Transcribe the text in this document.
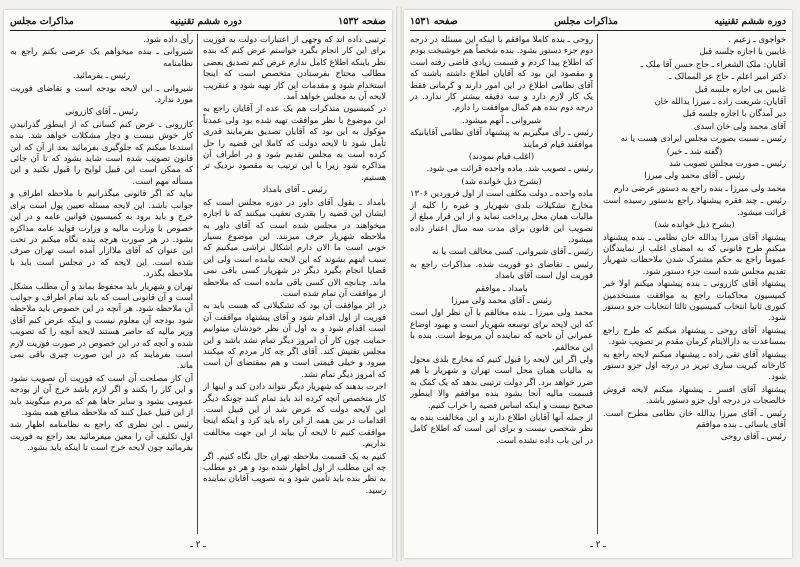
صفحه ۱۵۳۲
دوره ششم تقنینیه
مذاکرات مجلس

ترتیبی داده اند که وجهی از اعتبارات دولت به فوریت برای این کار انجام بگیرد خواستم عرض کنم که بنده نظر باینکه اطلاع کامل ندارم عرض کنم تصدیق بعضی مطالب محتاج بفرستادن متخصص است که اینجا استخدام شود و مقدمات این کار تهیه شود و عنقریب لایحه آن به مجلس خواهد آمد.

در کمیسیون متذکرات هم یک عده از آقایان راجع به این موضوع با نظر موافقت تهیه شده بود ولی عمدتاً موکول به این بود که آقایان تصدیق بفرمایند قدری تأمل شود تا لایحه دولت که کاملا این قضیه را حل کرده است به مجلس تقدیم شود و در اطراف آن مذاکره شود زیرا با این ترتیب به مقصود نزدیک تر هستیم.

رئیس ـ آقای بامداد

بامداد ـ بقول آقای داور در دوره مجلس است که ایشان این قضیه را بقدری تعقیب میکنند که تا اجازه میخواهند در مجلس شده است که آقای داور به ملاحظه شهریار حرف میزنند. این موضوع بسیار خوبی است ما الان دارم اشکال تراشی میکنیم که سبب اینهم بشوند که این لایحه نیامده است ولی این قضایا انجام بگیرد دیگر در شهریار کسی باقی نمی ماند. چنانچه الان کسی باقی مانده است که ملاحظه از موافقت آن تمام شده است.

در اثر موافقت آن بود که تشکیلاتی که هست باید به فوریت از اول اقدام شود و آقای پیشنهاد موافقت آن است اقدام شود و به اول آن نظر خودشان میتوانیم حمایت چون کار آن امروز دیگر تمام نشد باشد و این مجلس تفتیش کند. آقای اگر چه کار مردم که میکنند میرود و خیلی قیمتی است و هم بمقتضای آن است که امروز دیگر تمام نشد.

اجرت بدهند که شهریار دیگر نتواند دادن کند و اینها از کار متخصص آنچه کرده اند باید تمام کنند چونکه دیگر این لایحه دولت که عرض شد از این قبیل است. اقدامات در بین همه از این راه باید کرد و اینکه اینجا موافقت کنیم تا لایحه آن بیاید از این جهت مخالفت نداریم.

کنیم به یک قسمت ملاحظه تهران حال نگاه کنیم. اگر چه این مطلب از اول اظهار شده بود و هر دو مطلب به نظر بنده باید تأمین شود و به تصویب آقایان نماینده رسید.

رأی داده شود.

شیروانی ـ بنده میخواهم یک عرضی بکنم راجع به نظامنامه

رئیس ـ بفرمائید.

شیروانی ـ این لایحه بودجه است و تقاضای فوریت مورد ندارد.

رئیس ـ آقای کازرونی

کازرونی ـ عرض کنم کسانی که از اینطور گذرانیدن کار خوش نیست و دچار مشکلات خواهد شد. بنده استدعا میکنم که جلوگیری بفرمائید بعد از آن که این قانون تصویب شده است شاید بشود که تا آن جائی که ممکن است این قبیل لوایح را قبول نکنید و این مسأله مهم است.

نباید که اگر قانونی میگذرانیم با ملاحظه اطراف و جوانب باشد. این لایحه مسئله تعیین پول است برای خرج و باید برود به کمیسیون قوانین عامه و در این خصوص با وزارت مالیه و وزارت فواید عامه مذاکره بشود. در هر صورت هرچه بنده نگاه میکنم در تحت این عنوان که آقای ملاازار آمده است تهران صرف شده است. این لایحه که در مجلس است باید با ملاحظه بگذرد.

تهران و شهریار باید محفوظ بماند و آن مطلب مشکل است و آن قانونی است که باید تمام اطراف و جوانب آن ملاحظه شود. هر آنچه در این خصوص باید ملاحظه شود بودجه آن معلوم نیست و اینکه عرض کنم آقای وزیر مالیه که حاضر هستند لایحه آنچه را که تصویب شده و آنچه که در این خصوص در صورت فوریت لازم است بفرمایند که در این صورت چیزی باقی نمی ماند.

آن کار مصلحت آن است که فوریت آن تصویب نشود و این کار را بکنند و اگر لازم باشد خرج آن از بودجه عمومی بشود و سایر جاها هم که مردم میگویند باید از این قبیل عمل کنند که ملاحظه منافع همه بشود.

رئیس ـ این نظری که راجع به نظامنامه اظهار شد اول تکلیف آن را معین میفرمائید بعد راجع به فوریت بفرمائید چون لایحه خرج است تا اینکه باید بشود.

ـ ۲ ـ
دوره ششم تقنینیه
مذاکرات مجلس
صفحه ۱۵۳۱

خواجوی ـ زعیم .

غایبین با اجازه جلسه قبل

آقایان: ملک الشعراء ـ حاج حسن آقا ملک ـ

دکتر امیر اعلم ـ حاج عز الممالک ـ

غایبین بی اجازه جلسه قبل

آقایان: شریعت زاده ـ میرزا یدالله خان

دیر آمدگان با اجازه جلسه قبل

آقای محمد ولی خان اسدی

رئیس ـ نسبت بصورت مجلس ایرادی هست یا نه

(گفته شد ـ خیر)

رئیس ـ صورت مجلس تصویب شد

رئیس ـ آقای محمد ولی میرزا

محمد ولی میرزا ـ بنده راجع به دستور عرضی دارم

رئیس ـ چند فقره پیشنهاد راجع بدستور رسیده است قرائت میشود.

(بشرح ذیل خوانده شد)

پیشنهاد آقای میرزا یدالله خان نظامی ـ بنده پیشنهاد میکنم طرح قانونی که به امضای اغلب از نمایندگان عموماً راجع به حکم مشترک شدن ملاحظات شهریار تقدیم مجلس شده است جزء دستور شود.

پیشنهاد آقای کازرونی ـ بنده پیشنهاد میکنم اولا خبر کمیسیون محاکمات راجع به موافقت مستخدمین کنوری ثانیا انتخاب کمیسیون ثالثا انتخابات جزو دستور شود.

پیشنهاد آقای روحی ـ پیشنهاد میکنم که طرح راجع بمساعدت به دارالایتام کرمان مقدم بر تصویب شود.

پیشنهاد آقای تقی زاده ـ پیشنهاد میکنم لایحه راجع به کارخانه کبریت سازی تبریز در درجه اول جزو دستور شود.

پیشنهاد آقای افسر ـ پیشنهاد میکنم لایحه فروش خالصجات در درجه اول جزو دستور باشد.

رئیس ـ آقای میرزا یدالله خان نظامی مطرح است. آقای یاسائی ـ بنده موافقم

رئیس ـ آقای روحی

روحی ـ بنده کاملا موافقم با اینکه این مسئله در درجه دوم جزء دستور بشود. بنده شخصاً هم خوشبخت بودم که اطلاع پیدا کردم و قسمت زیادی قاضی رفته است و مقصود این بود که آقایان اطلاع داشته باشند که آقای نظامی اطلاع در این امور دارند و کرمانی فقط یک کار لازم دارد و سه دقیقه بیشتر کار ندارد. در درجه دوم بنده هم کمال موافقت را دارم.

شیروانی ـ آنهم میشود.

رئیس ـ رأی میگیریم به پیشنهاد آقای نظامی آقایانیکه موافقند قیام فرمایند

(اغلب قیام نمودند)

رئیس ـ تصویب شد. ماده واحده قرائت می شود.

(بشرح ذیل خوانده شد)

ماده واحده ـ دولت مکلف است از اول فروردین ۱۳۰۶ مخارج تشکیلات بلدی شهریار و غیره را کلیه از مالیات همان محل پرداخت نماید و از این قرار مبلغ از تصویب این قانون برای مدت سه سال اعتبار داده میشود.

رئیس ـ آقای شیروانی. کسی مخالف است یا نه

رئیس ـ تقاضای دو فوریت شده. مذاکرات راجع به فوریت اول است آقای بامداد

بامداد ـ موافقم

رئیس ـ آقای محمد ولی میرزا

محمد ولی میرزا ـ بنده مخالفم با آن نظر اول است که این لایحه برای توسعه شهریار است و بهبود اوضاع عمرانی آن ناحیه که نماینده آن مربوط است. بنده با این مخالفم.

ولی اگر این لایحه را قبول کنیم که مخارج بلدی محول به مالیات همان محل است تهران و شهریار با هم ضرر خواهد برد. اگر دولت ترتیبی بدهد که یک کمک به قسمت مالیه آنجا بشود بنده موافقم والا اینطور صحیح نیست و اینکه اساس قضیه را خراب کنیم.

از جمله آنها آقایان اطلاع دارند و این مخالفت بنده به نظر شخصی نیست و برای این است که اطلاع کامل در این باب داده نشده است.

ـ ۲ ـ
